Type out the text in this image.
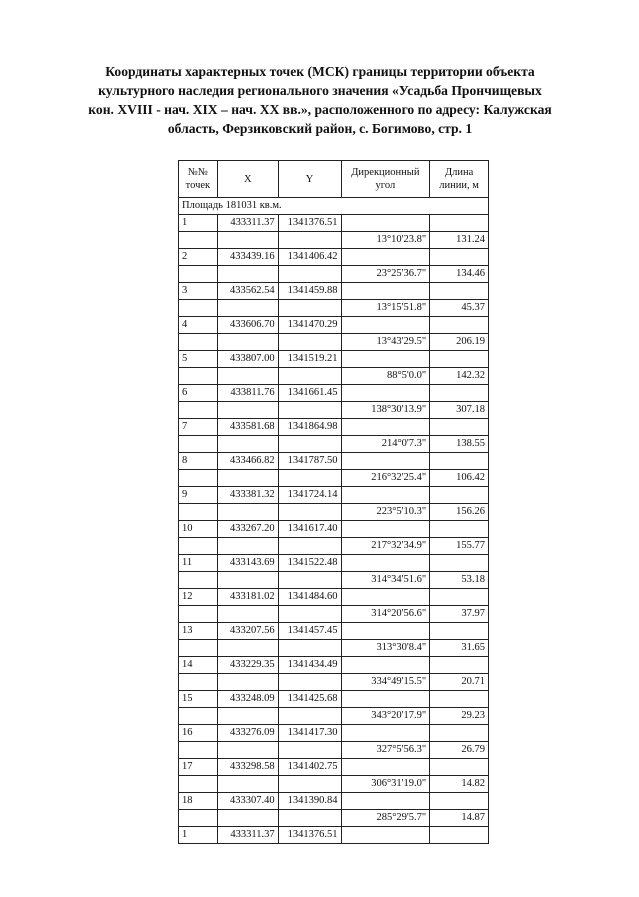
Координаты характерных точек (МСК) границы территории объекта
культурного наследия регионального значения «Усадьба Прончищевых
кон. XVIII - нач. XIX – нач. XX вв.», расположенного по адресу: Калужская
область, Ферзиковский район, с. Богимово, стр. 1
№№
точек	X	Y	Дирекционный
угол	Длина
линии, м
Площадь 181031 кв.м.				
1	433311.37	1341376.51		
			13°10'23.8"	131.24
2	433439.16	1341406.42		
			23°25'36.7"	134.46
3	433562.54	1341459.88		
			13°15'51.8"	45.37
4	433606.70	1341470.29		
			13°43'29.5"	206.19
5	433807.00	1341519.21		
			88°5'0.0"	142.32
6	433811.76	1341661.45		
			138°30'13.9"	307.18
7	433581.68	1341864.98		
			214°0'7.3"	138.55
8	433466.82	1341787.50		
			216°32'25.4"	106.42
9	433381.32	1341724.14		
			223°5'10.3"	156.26
10	433267.20	1341617.40		
			217°32'34.9"	155.77
11	433143.69	1341522.48		
			314°34'51.6"	53.18
12	433181.02	1341484.60		
			314°20'56.6"	37.97
13	433207.56	1341457.45		
			313°30'8.4"	31.65
14	433229.35	1341434.49		
			334°49'15.5"	20.71
15	433248.09	1341425.68		
			343°20'17.9"	29.23
16	433276.09	1341417.30		
			327°5'56.3"	26.79
17	433298.58	1341402.75		
			306°31'19.0"	14.82
18	433307.40	1341390.84		
			285°29'5.7"	14.87
1	433311.37	1341376.51		
